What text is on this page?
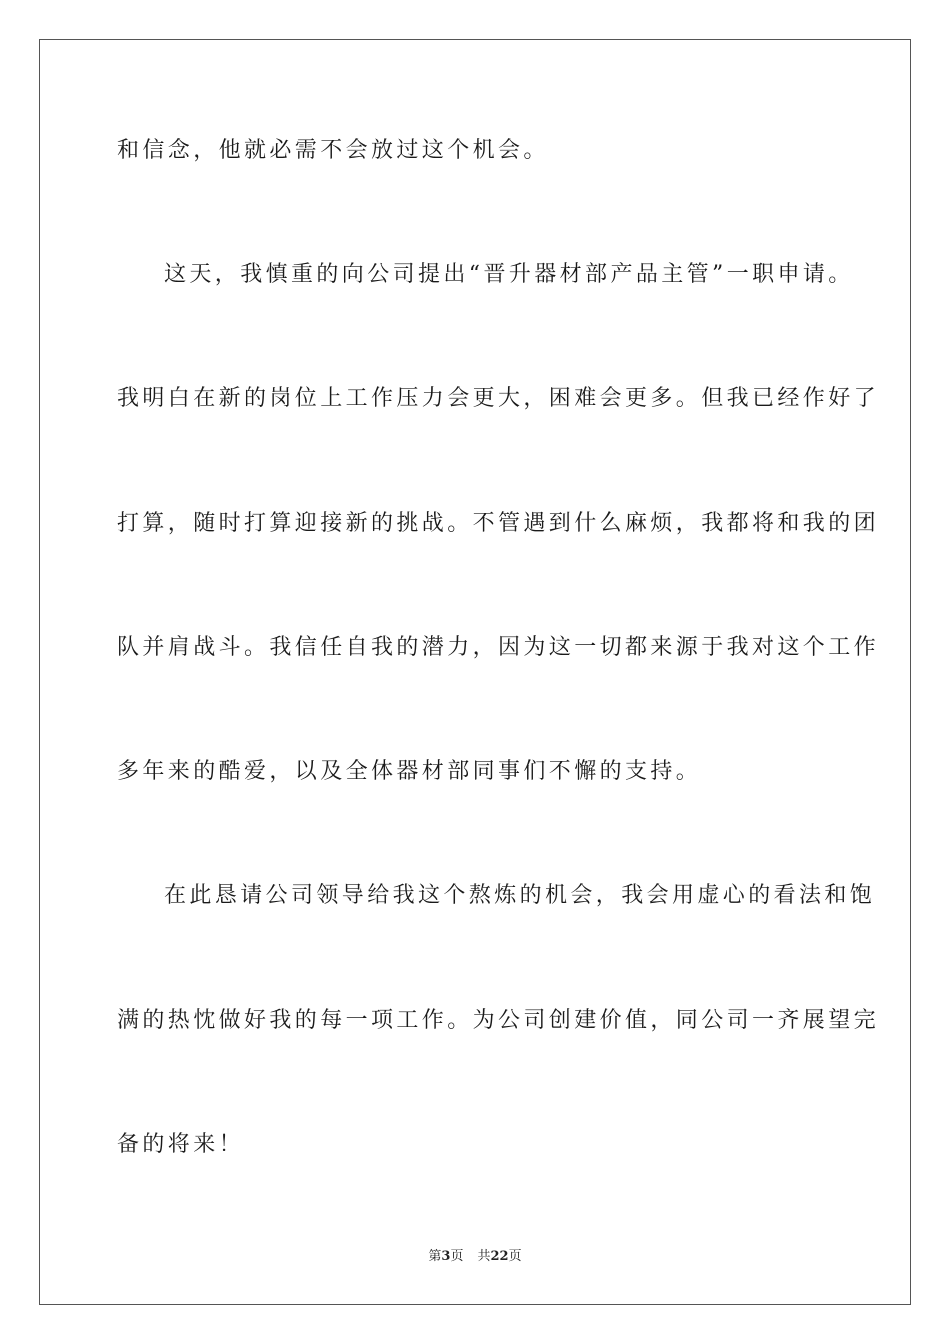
和信念，他就必需不会放过这个机会。
这天，我慎重的向公司提出“晋升器材部产品主管”一职申请。
我明白在新的岗位上工作压力会更大，困难会更多。但我已经作好了
打算，随时打算迎接新的挑战。不管遇到什么麻烦，我都将和我的团
队并肩战斗。我信任自我的潜力，因为这一切都来源于我对这个工作
多年来的酷爱，以及全体器材部同事们不懈的支持。
在此恳请公司领导给我这个熬炼的机会，我会用虚心的看法和饱
满的热忱做好我的每一项工作。为公司创建价值，同公司一齐展望完
备的将来！
第3页 共22页
